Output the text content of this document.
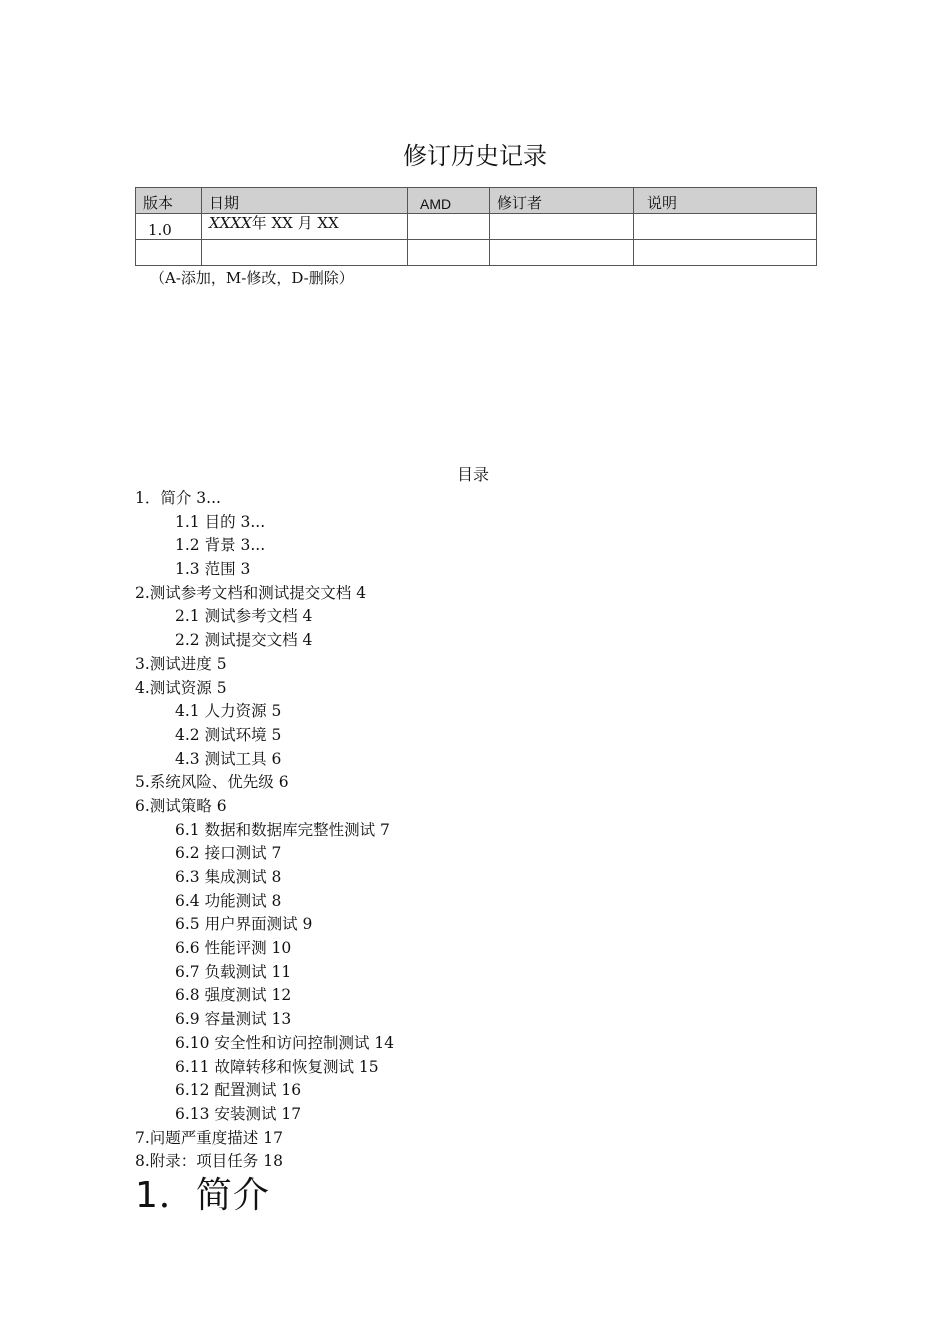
修订历史记录
版本	日期	AMD	修订者	说明
1.0	XXXX年 XX 月 XX			

（A-添加，M-修改，D-删除）
目录
1．简介 3...
1.1 目的 3...
1.2 背景 3...
1.3 范围 3
2.测试参考文档和测试提交文档 4
2.1 测试参考文档 4
2.2 测试提交文档 4
3.测试进度 5
4.测试资源 5
4.1 人力资源 5
4.2 测试环境 5
4.3 测试工具 6
5.系统风险、优先级 6
6.测试策略 6
6.1 数据和数据库完整性测试 7
6.2 接口测试 7
6.3 集成测试 8
6.4 功能测试 8
6.5 用户界面测试 9
6.6 性能评测 10
6.7 负载测试 11
6.8 强度测试 12
6.9 容量测试 13
6.10 安全性和访问控制测试 14
6.11 故障转移和恢复测试 15
6.12 配置测试 16
6.13 安装测试 17
7.问题严重度描述 17
8.附录：项目任务 18
1．简介
